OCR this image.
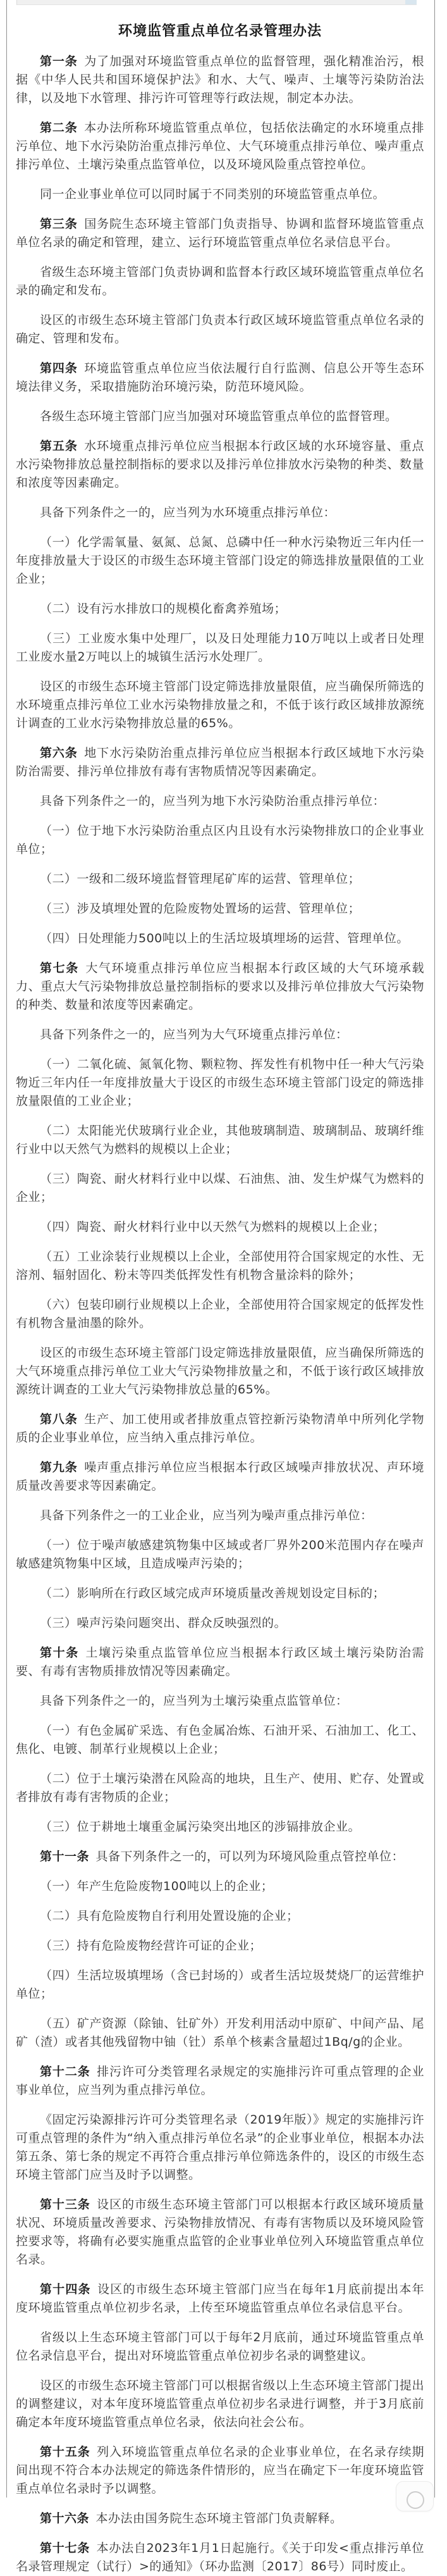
环境监管重点单位名录管理办法

第一条 为了加强对环境监管重点单位的监督管理，强化精准治污，根据《中华人民共和国环境保护法》和水、大气、噪声、土壤等污染防治法律，以及地下水管理、排污许可管理等行政法规，制定本办法。

第二条 本办法所称环境监管重点单位，包括依法确定的水环境重点排污单位、地下水污染防治重点排污单位、大气环境重点排污单位、噪声重点排污单位、土壤污染重点监管单位，以及环境风险重点管控单位。

同一企业事业单位可以同时属于不同类别的环境监管重点单位。

第三条 国务院生态环境主管部门负责指导、协调和监督环境监管重点单位名录的确定和管理，建立、运行环境监管重点单位名录信息平台。

省级生态环境主管部门负责协调和监督本行政区域环境监管重点单位名录的确定和发布。

设区的市级生态环境主管部门负责本行政区域环境监管重点单位名录的确定、管理和发布。

第四条 环境监管重点单位应当依法履行自行监测、信息公开等生态环境法律义务，采取措施防治环境污染，防范环境风险。

各级生态环境主管部门应当加强对环境监管重点单位的监督管理。

第五条 水环境重点排污单位应当根据本行政区域的水环境容量、重点水污染物排放总量控制指标的要求以及排污单位排放水污染物的种类、数量和浓度等因素确定。

具备下列条件之一的，应当列为水环境重点排污单位：

（一）化学需氧量、氨氮、总氮、总磷中任一种水污染物近三年内任一年度排放量大于设区的市级生态环境主管部门设定的筛选排放量限值的工业企业；

（二）设有污水排放口的规模化畜禽养殖场；

（三）工业废水集中处理厂，以及日处理能力10万吨以上或者日处理工业废水量2万吨以上的城镇生活污水处理厂。

设区的市级生态环境主管部门设定筛选排放量限值，应当确保所筛选的水环境重点排污单位工业水污染物排放量之和，不低于该行政区域排放源统计调查的工业水污染物排放总量的65%。

第六条 地下水污染防治重点排污单位应当根据本行政区域地下水污染防治需要、排污单位排放有毒有害物质情况等因素确定。

具备下列条件之一的，应当列为地下水污染防治重点排污单位：

（一）位于地下水污染防治重点区内且设有水污染物排放口的企业事业单位；

（二）一级和二级环境监督管理尾矿库的运营、管理单位；

（三）涉及填埋处置的危险废物处置场的运营、管理单位；

（四）日处理能力500吨以上的生活垃圾填埋场的运营、管理单位。

第七条 大气环境重点排污单位应当根据本行政区域的大气环境承载力、重点大气污染物排放总量控制指标的要求以及排污单位排放大气污染物的种类、数量和浓度等因素确定。

具备下列条件之一的，应当列为大气环境重点排污单位：

（一）二氧化硫、氮氧化物、颗粒物、挥发性有机物中任一种大气污染物近三年内任一年度排放量大于设区的市级生态环境主管部门设定的筛选排放量限值的工业企业；

（二）太阳能光伏玻璃行业企业，其他玻璃制造、玻璃制品、玻璃纤维行业中以天然气为燃料的规模以上企业；

（三）陶瓷、耐火材料行业中以煤、石油焦、油、发生炉煤气为燃料的企业；

（四）陶瓷、耐火材料行业中以天然气为燃料的规模以上企业；

（五）工业涂装行业规模以上企业，全部使用符合国家规定的水性、无溶剂、辐射固化、粉末等四类低挥发性有机物含量涂料的除外；

（六）包装印刷行业规模以上企业，全部使用符合国家规定的低挥发性有机物含量油墨的除外。

设区的市级生态环境主管部门设定筛选排放量限值，应当确保所筛选的大气环境重点排污单位工业大气污染物排放量之和，不低于该行政区域排放源统计调查的工业大气污染物排放总量的65%。

第八条 生产、加工使用或者排放重点管控新污染物清单中所列化学物质的企业事业单位，应当纳入重点排污单位。

第九条 噪声重点排污单位应当根据本行政区域噪声排放状况、声环境质量改善要求等因素确定。

具备下列条件之一的工业企业，应当列为噪声重点排污单位：

（一）位于噪声敏感建筑物集中区域或者厂界外200米范围内存在噪声敏感建筑物集中区域，且造成噪声污染的；

（二）影响所在行政区域完成声环境质量改善规划设定目标的；

（三）噪声污染问题突出、群众反映强烈的。

第十条 土壤污染重点监管单位应当根据本行政区域土壤污染防治需要、有毒有害物质排放情况等因素确定。

具备下列条件之一的，应当列为土壤污染重点监管单位：

（一）有色金属矿采选、有色金属冶炼、石油开采、石油加工、化工、焦化、电镀、制革行业规模以上企业；

（二）位于土壤污染潜在风险高的地块，且生产、使用、贮存、处置或者排放有毒有害物质的企业；

（三）位于耕地土壤重金属污染突出地区的涉镉排放企业。

第十一条 具备下列条件之一的，可以列为环境风险重点管控单位：

（一）年产生危险废物100吨以上的企业；

（二）具有危险废物自行利用处置设施的企业；

（三）持有危险废物经营许可证的企业；

（四）生活垃圾填埋场（含已封场的）或者生活垃圾焚烧厂的运营维护单位；

（五）矿产资源（除铀、钍矿外）开发利用活动中原矿、中间产品、尾矿（渣）或者其他残留物中铀（钍）系单个核素含量超过1Bq/g的企业。

第十二条 排污许可分类管理名录规定的实施排污许可重点管理的企业事业单位，应当列为重点排污单位。

《固定污染源排污许可分类管理名录（2019年版）》规定的实施排污许可重点管理的条件为“纳入重点排污单位名录”的企业事业单位，根据本办法第五条、第七条的规定不再符合重点排污单位筛选条件的，设区的市级生态环境主管部门应当及时予以调整。

第十三条 设区的市级生态环境主管部门可以根据本行政区域环境质量状况、环境质量改善要求、污染物排放情况、有毒有害物质以及环境风险管控要求等，将确有必要实施重点监管的企业事业单位列入环境监管重点单位名录。

第十四条 设区的市级生态环境主管部门应当在每年1月底前提出本年度环境监管重点单位初步名录，上传至环境监管重点单位名录信息平台。

省级以上生态环境主管部门可以于每年2月底前，通过环境监管重点单位名录信息平台，提出对环境监管重点单位初步名录的调整建议。

设区的市级生态环境主管部门可以根据省级以上生态环境主管部门提出的调整建议，对本年度环境监管重点单位初步名录进行调整，并于3月底前确定本年度环境监管重点单位名录，依法向社会公布。

第十五条 列入环境监管重点单位名录的企业事业单位，在名录存续期间出现不符合本办法规定的筛选条件情形的，应当在确定下一年度环境监管重点单位名录时予以调整。

第十六条 本办法由国务院生态环境主管部门负责解释。

第十七条 本办法自2023年1月1日起施行。《关于印发<重点排污单位名录管理规定（试行）>的通知》（环办监测〔2017〕86号）同时废止。
